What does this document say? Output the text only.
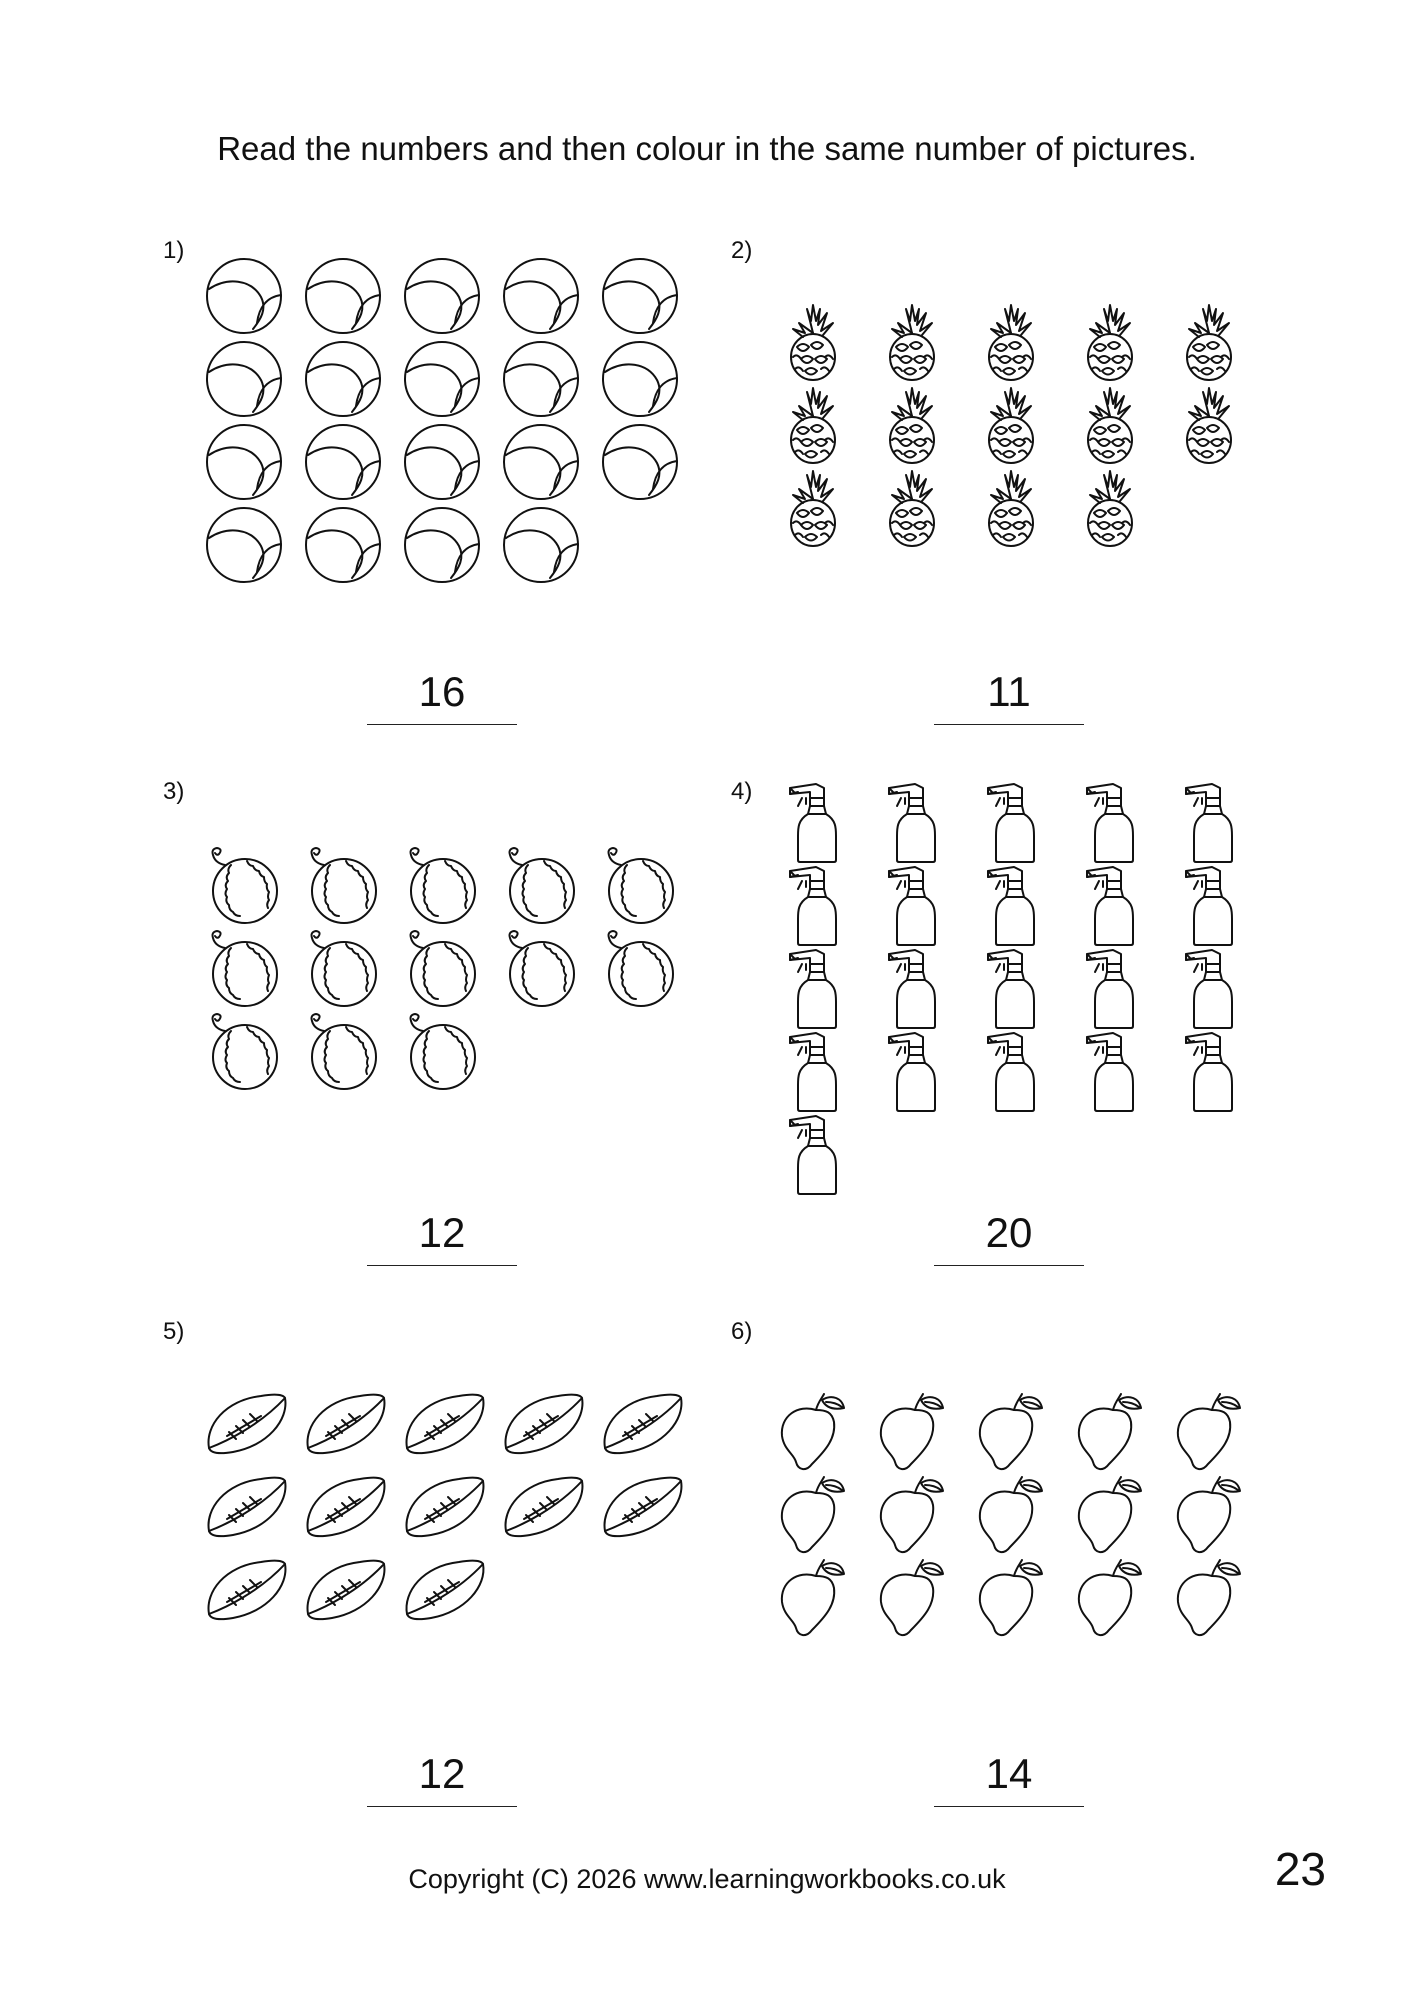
Read the numbers and then colour in the same number of pictures.
1)
16
2)
11
3)
12
4)
20
5)
12
6)
14
Copyright (C) 2026 www.learningworkbooks.co.uk	23
